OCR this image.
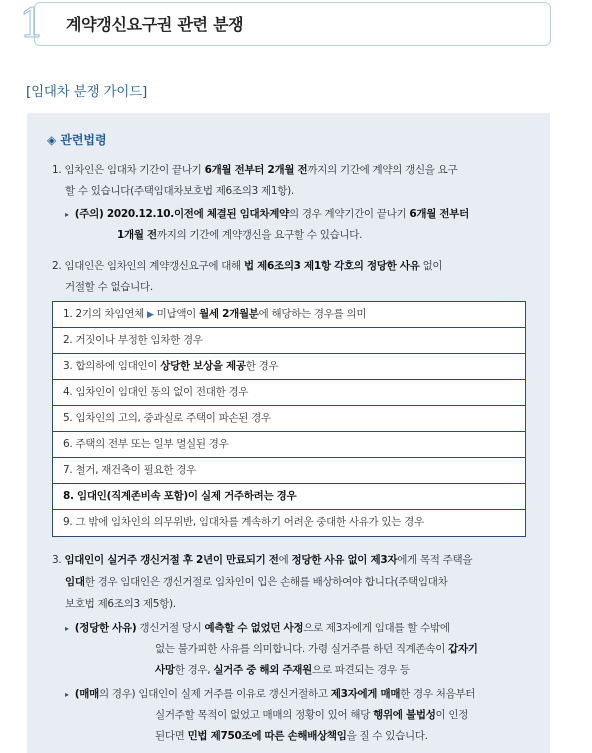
1	계약갱신요구권 관련 분쟁
[임대차 분쟁 가이드]
◈ 관련법령
1. 임차인은 임대차 기간이 끝나기 6개월 전부터 2개월 전까지의 기간에 계약의 갱신을 요구
할 수 있습니다(주택임대차보호법 제6조의3 제1항).
▸ (주의) 2020.12.10.이전에 체결된 임대차계약의 경우 계약기간이 끝나기 6개월 전부터
1개월 전까지의 기간에 계약갱신을 요구할 수 있습니다.
2. 임대인은 임차인의 계약갱신요구에 대해 법 제6조의3 제1항 각호의 정당한 사유 없이
거절할 수 없습니다.
1. 2기의 차임연체 ▶ 미납액이 월세 2개월분에 해당하는 경우를 의미
2. 거짓이나 부정한 임차한 경우
3. 합의하에 임대인이 상당한 보상을 제공한 경우
4. 임차인이 임대인 동의 없이 전대한 경우
5. 임차인의 고의, 중과실로 주택이 파손된 경우
6. 주택의 전부 또는 일부 멸실된 경우
7. 철거, 재건축이 필요한 경우
8. 임대인(직계존비속 포함)이 실제 거주하려는 경우
9. 그 밖에 임차인의 의무위반, 임대차를 계속하기 어려운 중대한 사유가 있는 경우
3. 임대인이 실거주 갱신거절 후 2년이 만료되기 전에 정당한 사유 없이 제3자에게 목적 주택을
임대한 경우 임대인은 갱신거절로 임차인이 입은 손해를 배상하여야 합니다(주택임대차
보호법 제6조의3 제5항).
▸ (정당한 사유) 갱신거절 당시 예측할 수 없었던 사정으로 제3자에게 임대를 할 수밖에
없는 불가피한 사유를 의미합니다. 가령 실거주를 하던 직계존속이 갑자기
사망한 경우, 실거주 중 해외 주재원으로 파견되는 경우 등
▸ (매매의 경우) 임대인이 실제 거주를 이유로 갱신거절하고 제3자에게 매매한 경우 처음부터
실거주할 목적이 없었고 매매의 정황이 있어 해당 행위에 불법성이 인정
된다면 민법 제750조에 따른 손해배상책임을 질 수 있습니다.
